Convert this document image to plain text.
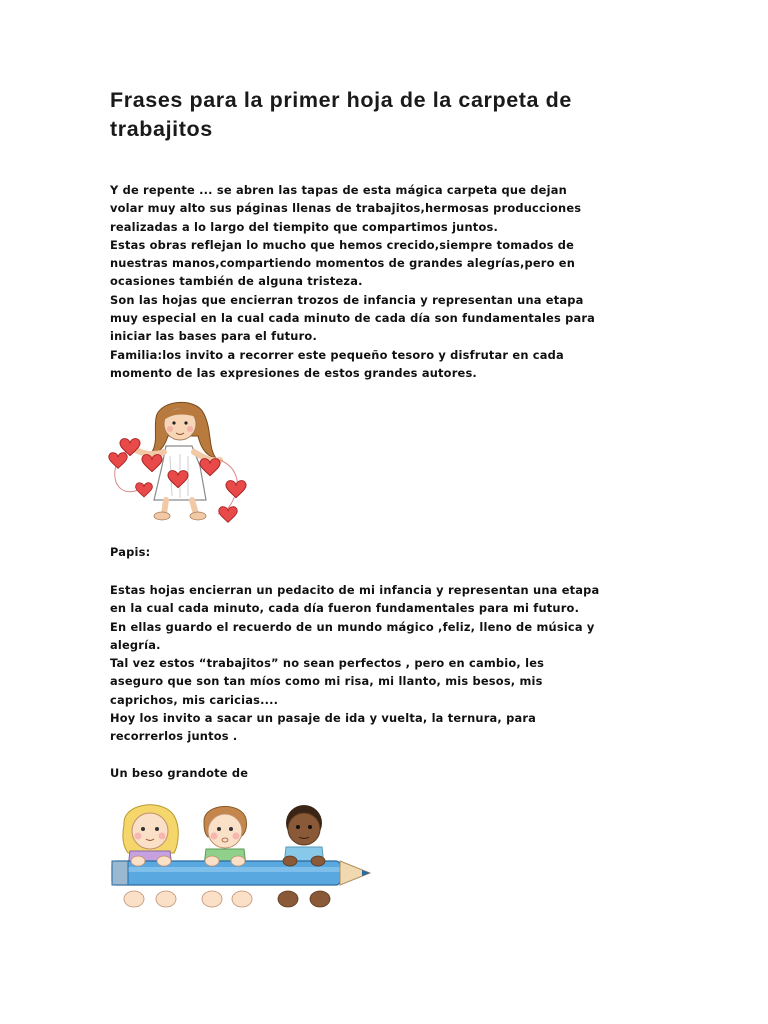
Frases para la primer hoja de la carpeta de trabajitos
Y de repente ... se abren las tapas de esta mágica carpeta que dejan
volar muy alto sus páginas llenas de trabajitos,hermosas producciones
realizadas a lo largo del tiempito que compartimos juntos.
Estas obras reflejan lo mucho que hemos crecido,siempre tomados de
nuestras manos,compartiendo momentos de grandes alegrías,pero en
ocasiones también de alguna tristeza.
Son las hojas que encierran trozos de infancia y representan una etapa
muy especial en la cual cada minuto de cada día son fundamentales para
iniciar las bases para el futuro.
Familia:los invito a recorrer este pequeño tesoro y disfrutar en cada
momento de las expresiones de estos grandes autores.
Papis:
Estas hojas encierran un pedacito de mi infancia y representan una etapa
en la cual cada minuto, cada día fueron fundamentales para mi futuro.
En ellas guardo el recuerdo de un mundo mágico ,feliz, lleno de música y
alegría.
Tal vez estos “trabajitos” no sean perfectos , pero en cambio, les
aseguro que son tan míos como mi risa, mi llanto, mis besos, mis
caprichos, mis caricias....
Hoy los invito a sacar un pasaje de ida y vuelta, la ternura, para
recorrerlos juntos .
Un beso grandote de
